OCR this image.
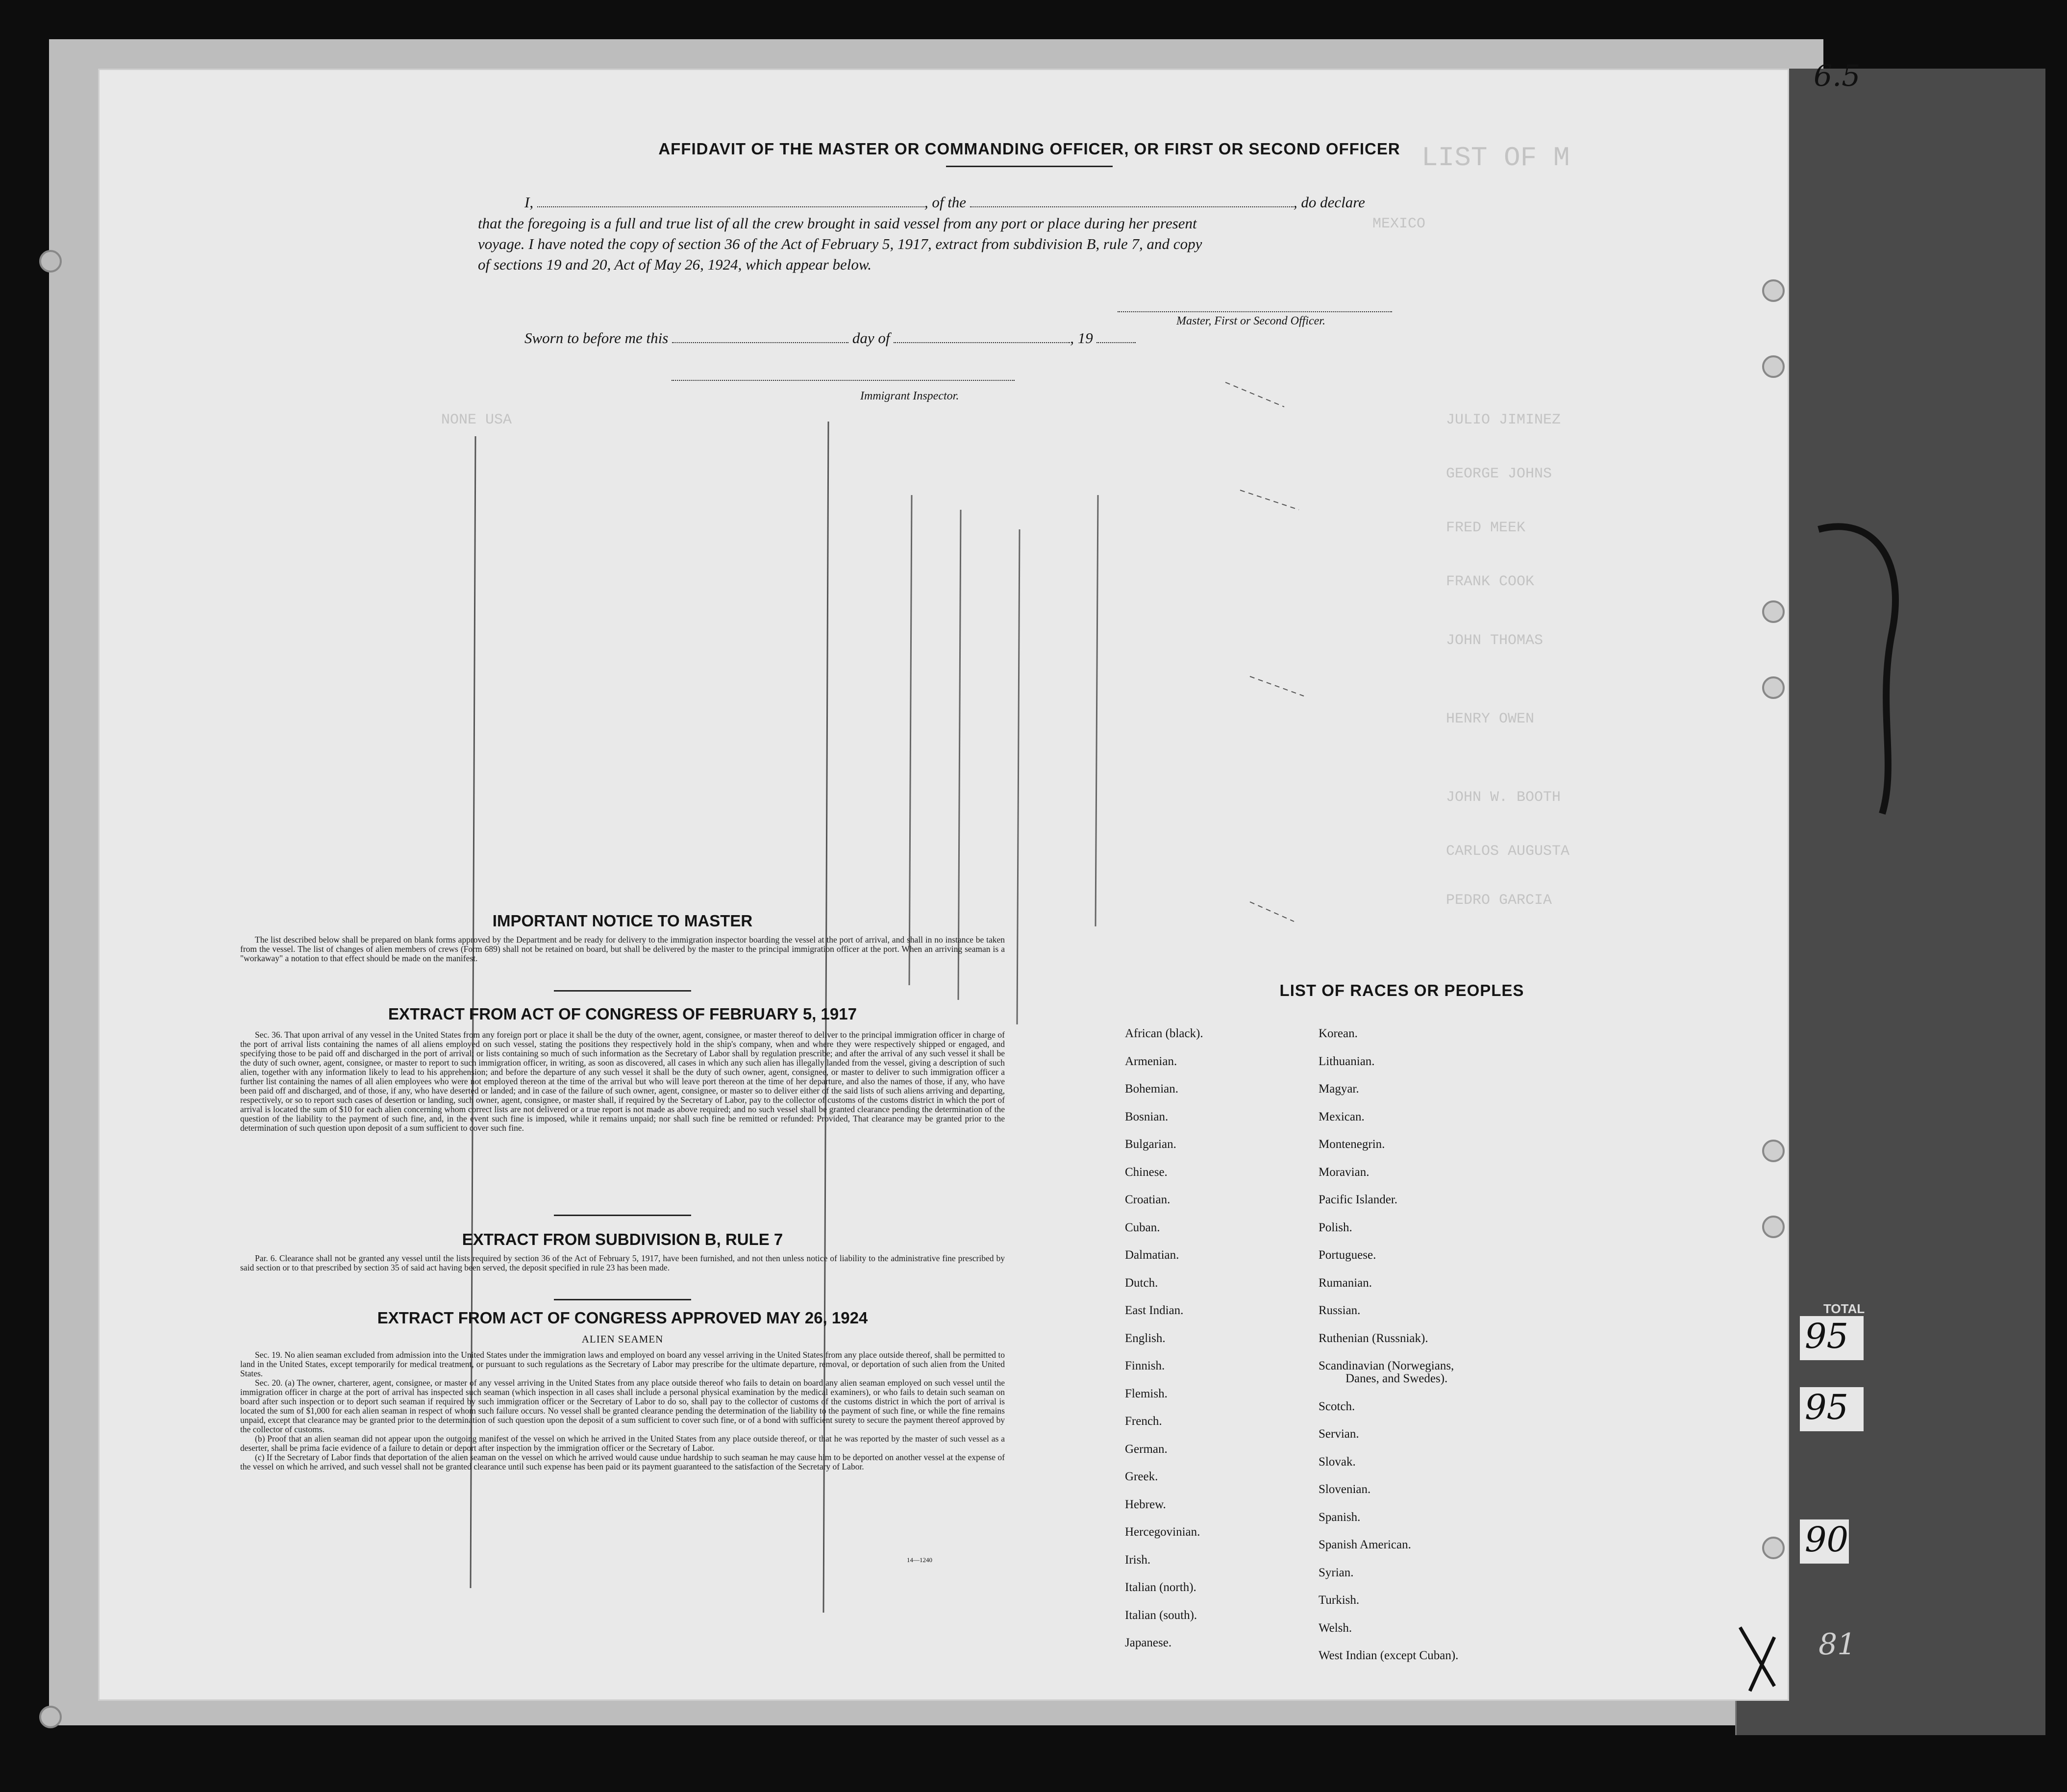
LIST OF M
MEXICO
NONE USA	JULIO JIMINEZ
GEORGE JOHNS
FRED MEEK
FRANK COOK
JOHN THOMAS
HENRY OWEN
JOHN W. BOOTH
CARLOS AUGUSTA
PEDRO GARCIA
AFFIDAVIT OF THE MASTER OR COMMANDING OFFICER, OR FIRST OR SECOND OFFICER
I,	, of the	, do declare
that the foregoing is a full and true list of all the crew brought in said vessel from any port or place during her present
voyage. I have noted the copy of section 36 of the Act of February 5, 1917, extract from subdivision B, rule 7, and copy
of sections 19 and 20, Act of May 26, 1924, which appear below.
Master, First or Second Officer.
Sworn to before me this	day of	, 19
Immigrant Inspector.
IMPORTANT NOTICE TO MASTER

The list described below shall be prepared on blank forms approved by the Department and be ready for delivery to the immigration inspector boarding the vessel at the port of arrival, and shall in no instance be taken from the vessel. The list of changes of alien members of crews (Form 689) shall not be retained on board, but shall be delivered by the master to the principal immigration officer at the port. When an arriving seaman is a "workaway" a notation to that effect should be made on the manifest.

EXTRACT FROM ACT OF CONGRESS OF FEBRUARY 5, 1917

Sec. 36. That upon arrival of any vessel in the United States from any foreign port or place it shall be the duty of the owner, agent, consignee, or master thereof to deliver to the principal immigration officer in charge of the port of arrival lists containing the names of all aliens employed on such vessel, stating the positions they respectively hold in the ship's company, when and where they were respectively shipped or engaged, and specifying those to be paid off and discharged in the port of arrival; or lists containing so much of such information as the Secretary of Labor shall by regulation prescribe; and after the arrival of any such vessel it shall be the duty of such owner, agent, consignee, or master to report to such immigration officer, in writing, as soon as discovered, all cases in which any such alien has illegally landed from the vessel, giving a description of such alien, together with any information likely to lead to his apprehension; and before the departure of any such vessel it shall be the duty of such owner, agent, consignee, or master to deliver to such immigration officer a further list containing the names of all alien employees who were not employed thereon at the time of the arrival but who will leave port thereon at the time of her departure, and also the names of those, if any, who have been paid off and discharged, and of those, if any, who have deserted or landed; and in case of the failure of such owner, agent, consignee, or master so to deliver either of the said lists of such aliens arriving and departing, respectively, or so to report such cases of desertion or landing, such owner, agent, consignee, or master shall, if required by the Secretary of Labor, pay to the collector of customs of the customs district in which the port of arrival is located the sum of $10 for each alien concerning whom correct lists are not delivered or a true report is not made as above required; and no such vessel shall be granted clearance pending the determination of the question of the liability to the payment of such fine, and, in the event such fine is imposed, while it remains unpaid; nor shall such fine be remitted or refunded: Provided, That clearance may be granted prior to the determination of such question upon deposit of a sum sufficient to cover such fine.

EXTRACT FROM SUBDIVISION B, RULE 7

Par. 6. Clearance shall not be granted any vessel until the lists required by section 36 of the Act of February 5, 1917, have been furnished, and not then unless notice of liability to the administrative fine prescribed by said section or to that prescribed by section 35 of said act having been served, the deposit specified in rule 23 has been made.

EXTRACT FROM ACT OF CONGRESS APPROVED MAY 26, 1924
ALIEN SEAMEN

Sec. 19. No alien seaman excluded from admission into the United States under the immigration laws and employed on board any vessel arriving in the United States from any place outside thereof, shall be permitted to land in the United States, except temporarily for medical treatment, or pursuant to such regulations as the Secretary of Labor may prescribe for the ultimate departure, removal, or deportation of such alien from the United States.

Sec. 20. (a) The owner, charterer, agent, consignee, or master of any vessel arriving in the United States from any place outside thereof who fails to detain on board any alien seaman employed on such vessel until the immigration officer in charge at the port of arrival has inspected such seaman (which inspection in all cases shall include a personal physical examination by the medical examiners), or who fails to detain such seaman on board after such inspection or to deport such seaman if required by such immigration officer or the Secretary of Labor to do so, shall pay to the collector of customs of the customs district in which the port of arrival is located the sum of $1,000 for each alien seaman in respect of whom such failure occurs. No vessel shall be granted clearance pending the determination of the liability to the payment of such fine, or while the fine remains unpaid, except that clearance may be granted prior to the determination of such question upon the deposit of a sum sufficient to cover such fine, or of a bond with sufficient surety to secure the payment thereof approved by the collector of customs.

(b) Proof that an alien seaman did not appear upon the outgoing manifest of the vessel on which he arrived in the United States from any place outside thereof, or that he was reported by the master of such vessel as a deserter, shall be prima facie evidence of a failure to detain or deport after inspection by the immigration officer or the Secretary of Labor.

(c) If the Secretary of Labor finds that deportation of the alien seaman on the vessel on which he arrived would cause undue hardship to such seaman he may cause him to be deported on another vessel at the expense of the vessel on which he arrived, and such vessel shall not be granted clearance until such expense has been paid or its payment guaranteed to the satisfaction of the Secretary of Labor.

14—1240
LIST OF RACES OR PEOPLES
African (black).
Armenian.
Bohemian.
Bosnian.
Bulgarian.
Chinese.
Croatian.
Cuban.
Dalmatian.
Dutch.
East Indian.
English.
Finnish.
Flemish.
French.
German.
Greek.
Hebrew.
Hercegovinian.
Irish.
Italian (north).
Italian (south).
Japanese.
Korean.
Lithuanian.
Magyar.
Mexican.
Montenegrin.
Moravian.
Pacific Islander.
Polish.
Portuguese.
Rumanian.
Russian.
Ruthenian (Russniak).
Scandinavian (Norwegians,
Danes, and Swedes).
Scotch.
Servian.
Slovak.
Slovenian.
Spanish.
Spanish American.
Syrian.
Turkish.
Welsh.
West Indian (except Cuban).
6.5
TOTAL
95
95
90
81
